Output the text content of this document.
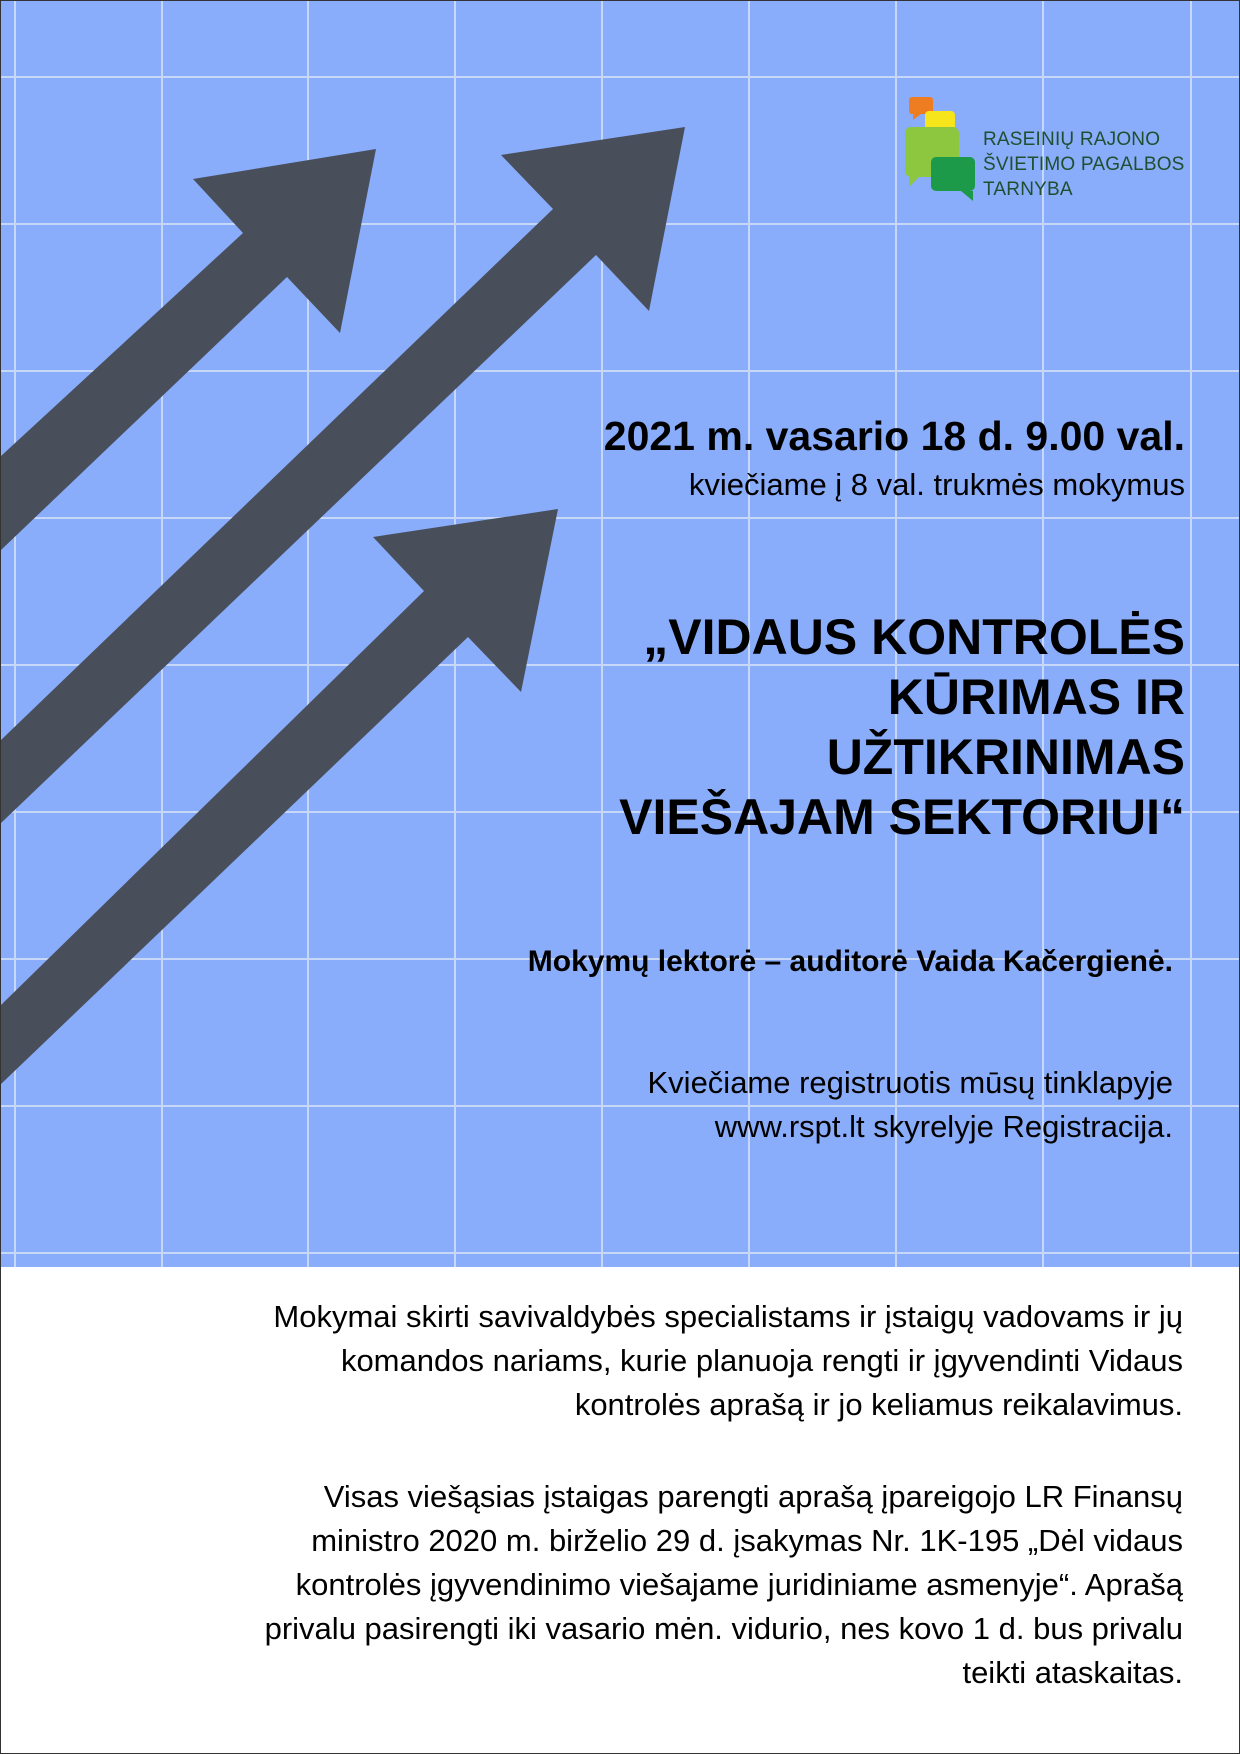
RASEINIŲ RAJONO
ŠVIETIMO PAGALBOS
TARNYBA
2021 m. vasario 18 d. 9.00 val.
kviečiame į 8 val. trukmės mokymus
„VIDAUS KONTROLĖS
KŪRIMAS IR
UŽTIKRINIMAS
VIEŠAJAM SEKTORIUI“
Mokymų lektorė – auditorė Vaida Kačergienė.
Kviečiame registruotis mūsų tinklapyje
www.rspt.lt skyrelyje Registracija.
Mokymai skirti savivaldybės specialistams ir įstaigų vadovams ir jų
komandos nariams, kurie planuoja rengti ir įgyvendinti Vidaus
kontrolės aprašą ir jo keliamus reikalavimus.
Visas viešąsias įstaigas parengti aprašą įpareigojo LR Finansų
ministro 2020 m. birželio 29 d. įsakymas Nr. 1K-195 „Dėl vidaus
kontrolės įgyvendinimo viešajame juridiniame asmenyje“. Aprašą
privalu pasirengti iki vasario mėn. vidurio, nes kovo 1 d. bus privalu
teikti ataskaitas.
